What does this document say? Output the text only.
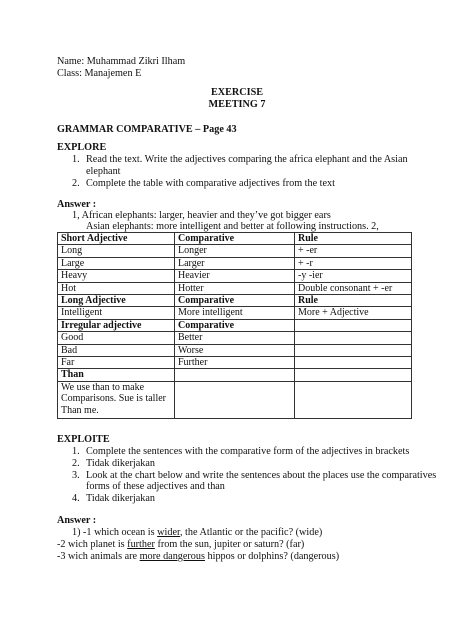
Name: Muhammad Zikri Ilham
Class: Manajemen E
EXERCISE
MEETING 7
GRAMMAR COMPARATIVE – Page 43
EXPLORE
1. Read the text. Write the adjectives comparing the africa elephant and the Asian
elephant
2. Complete the table with comparative adjectives from the text
Answer :
1, African elephants: larger, heavier and they’ve got bigger ears
Asian elephants: more intelligent and better at following instructions. 2,
Short Adjective	Comparative	Rule
Long	Longer	+ -er
Large	Larger	+ -r
Heavy	Heavier	-y -ier
Hot	Hotter	Double consonant + -er
Long Adjective	Comparative	Rule
Intelligent	More intelligent	More + Adjective
Irregular adjective	Comparative	
Good	Better	
Bad	Worse	
Far	Further	
Than		
We use than to make Comparisons. Sue is taller Than me.		
EXPLOITE
1. Complete the sentences with the comparative form of the adjectives in brackets
2. Tidak dikerjakan
3. Look at the chart below and write the sentences about the places use the comparatives
forms of these adjectives and than
4. Tidak dikerjakan
Answer :
1) -1 which ocean is wider, the Atlantic or the pacific? (wide)
-2 wich planet is further from the sun, jupiter or saturn? (far)
-3 wich animals are more dangerous hippos or dolphins? (dangerous)
